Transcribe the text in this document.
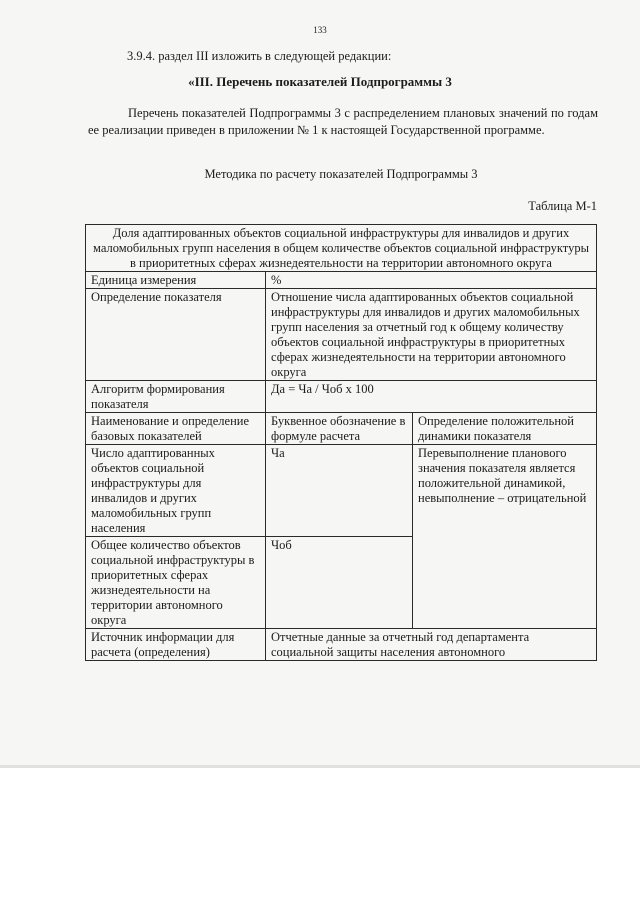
133
3.9.4. раздел III изложить в следующей редакции:
«III. Перечень показателей Подпрограммы 3
Перечень показателей Подпрограммы 3 с распределением плановых значений по годам ее реализации приведен в приложении № 1 к настоящей Государственной программе.
Методика по расчету показателей Подпрограммы 3
Таблица М-1
Доля адаптированных объектов социальной инфраструктуры для инвалидов и других маломобильных групп населения в общем количестве объектов социальной инфраструктуры в приоритетных сферах жизнедеятельности на территории автономного округа		
Единица измерения	%	
Определение показателя	Отношение числа адаптированных объектов социальной инфраструктуры для инвалидов и других маломобильных групп населения за отчетный год к общему количеству объектов социальной инфраструктуры в приоритетных сферах жизнедеятельности на территории автономного округа	
Алгоритм формирования показателя	Да = Ча / Чоб х 100	
Наименование и определение базовых показателей	Буквенное обозначение в формуле расчета	Определение положительной динамики показателя
Число адаптированных объектов социальной инфраструктуры для инвалидов и других маломобильных групп населения	Ча	Перевыполнение планового значения показателя является положительной динамикой, невыполнение – отрицательной
Общее количество объектов социальной инфраструктуры в приоритетных сферах жизнедеятельности на территории автономного округа	Чоб	
Источник информации для расчета (определения)	Отчетные данные за отчетный год департамента социальной защиты населения автономного	
